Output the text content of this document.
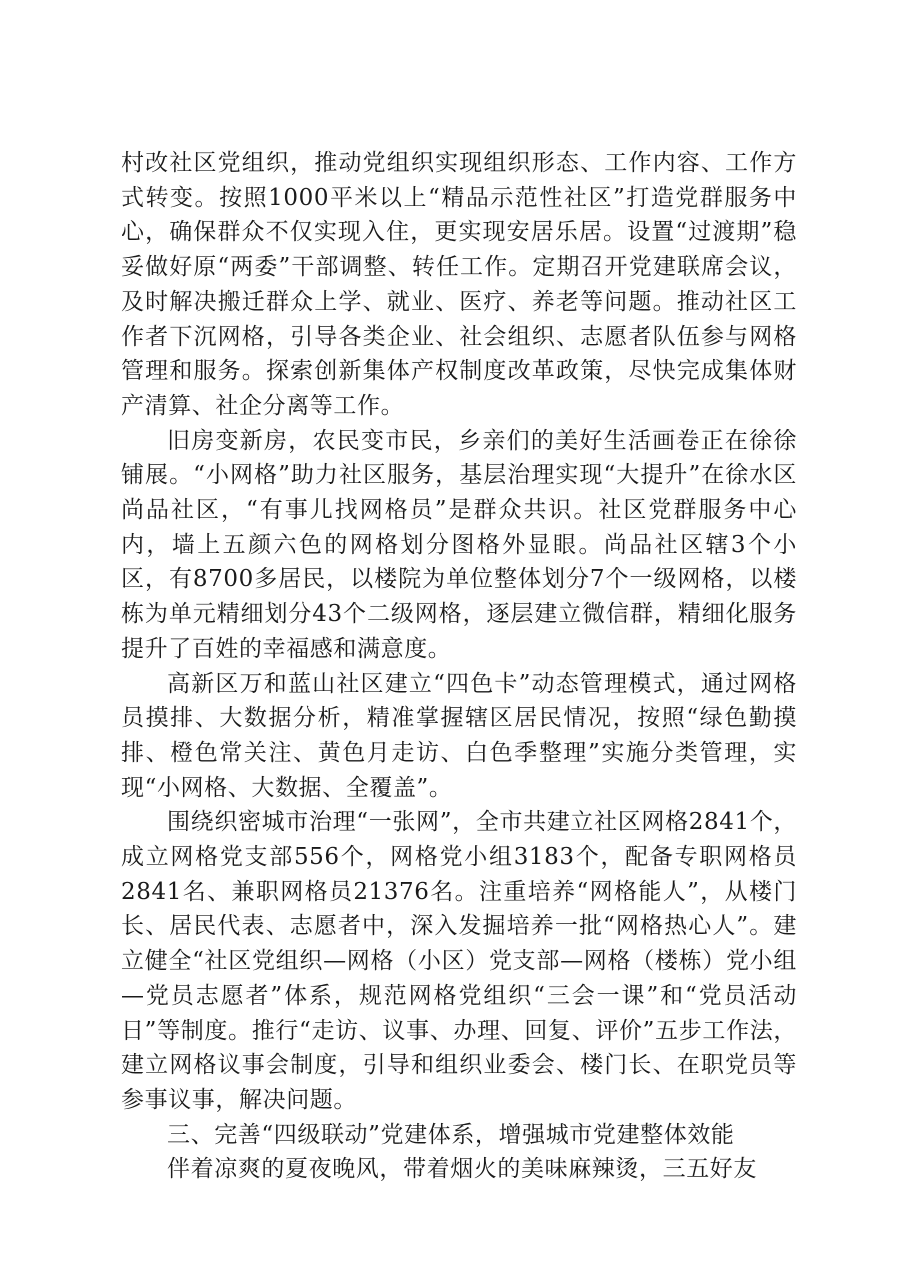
村改社区党组织，推动党组织实现组织形态、工作内容、工作方式转变。按照1000平米以上“精品示范性社区”打造党群服务中心，确保群众不仅实现入住，更实现安居乐居。设置“过渡期”稳妥做好原“两委”干部调整、转任工作。定期召开党建联席会议，及时解决搬迁群众上学、就业、医疗、养老等问题。推动社区工作者下沉网格，引导各类企业、社会组织、志愿者队伍参与网格管理和服务。探索创新集体产权制度改革政策，尽快完成集体财产清算、社企分离等工作。

旧房变新房，农民变市民，乡亲们的美好生活画卷正在徐徐铺展。“小网格”助力社区服务，基层治理实现“大提升”在徐水区尚品社区，“有事儿找网格员”是群众共识。社区党群服务中心内，墙上五颜六色的网格划分图格外显眼。尚品社区辖3个小区，有8700多居民，以楼院为单位整体划分7个一级网格，以楼栋为单元精细划分43个二级网格，逐层建立微信群，精细化服务提升了百姓的幸福感和满意度。

高新区万和蓝山社区建立“四色卡”动态管理模式，通过网格员摸排、大数据分析，精准掌握辖区居民情况，按照“绿色勤摸排、橙色常关注、黄色月走访、白色季整理”实施分类管理，实现“小网格、大数据、全覆盖”。

围绕织密城市治理“一张网”，全市共建立社区网格2841个，成立网格党支部556个，网格党小组3183个，配备专职网格员2841名、兼职网格员21376名。注重培养“网格能人”，从楼门长、居民代表、志愿者中，深入发掘培养一批“网格热心人”。建立健全“社区党组织—网格（小区）党支部—网格（楼栋）党小组—党员志愿者”体系，规范网格党组织“三会一课”和“党员活动日”等制度。推行“走访、议事、办理、回复、评价”五步工作法，建立网格议事会制度，引导和组织业委会、楼门长、在职党员等参事议事，解决问题。

三、完善“四级联动”党建体系，增强城市党建整体效能

伴着凉爽的夏夜晚风，带着烟火的美味麻辣烫，三五好友
